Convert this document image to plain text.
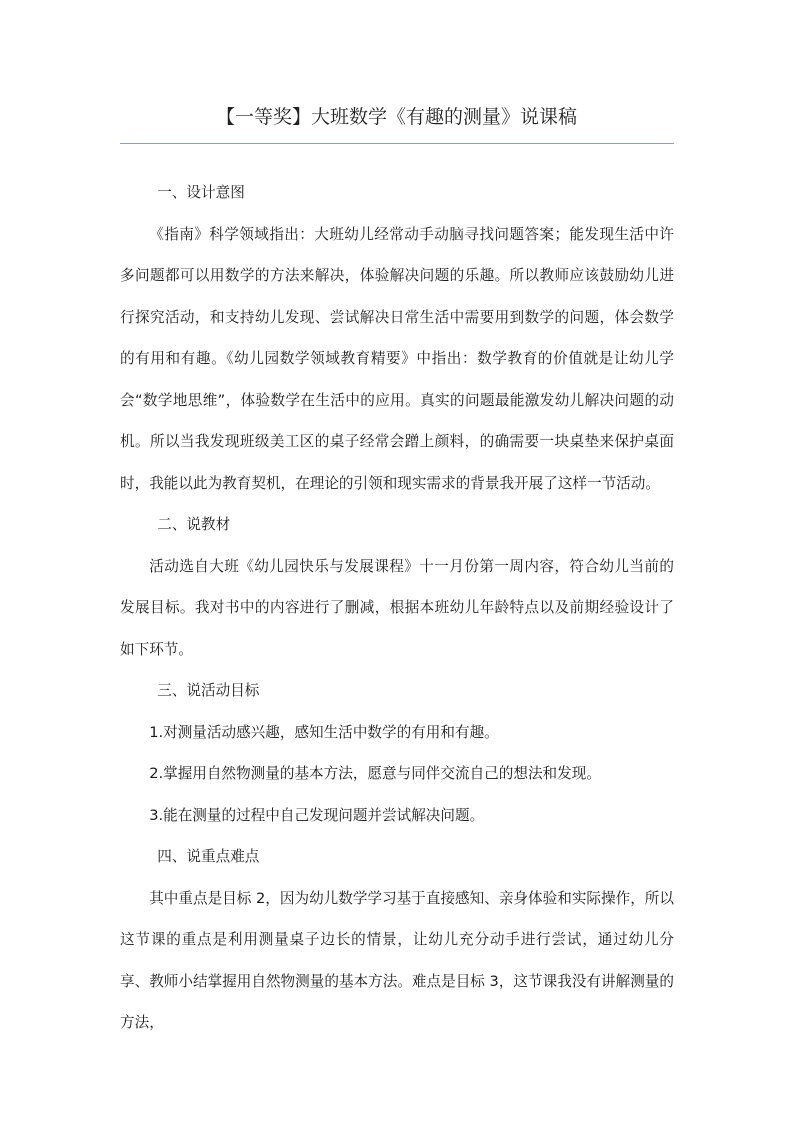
【一等奖】大班数学《有趣的测量》说课稿

一、设计意图

《指南》科学领域指出：大班幼儿经常动手动脑寻找问题答案；能发现生活中许多问题都可以用数学的方法来解决，体验解决问题的乐趣。所以教师应该鼓励幼儿进行探究活动，和支持幼儿发现、尝试解决日常生活中需要用到数学的问题，体会数学的有用和有趣。《幼儿园数学领域教育精要》中指出：数学教育的价值就是让幼儿学会“数学地思维”，体验数学在生活中的应用。真实的问题最能激发幼儿解决问题的动机。所以当我发现班级美工区的桌子经常会蹭上颜料，的确需要一块桌垫来保护桌面时，我能以此为教育契机，在理论的引领和现实需求的背景我开展了这样一节活动。

二、说教材

活动选自大班《幼儿园快乐与发展课程》十一月份第一周内容，符合幼儿当前的发展目标。我对书中的内容进行了删减，根据本班幼儿年龄特点以及前期经验设计了如下环节。

三、说活动目标

1.对测量活动感兴趣，感知生活中数学的有用和有趣。

2.掌握用自然物测量的基本方法，愿意与同伴交流自己的想法和发现。

3.能在测量的过程中自己发现问题并尝试解决问题。

四、说重点难点

其中重点是目标 2，因为幼儿数学学习基于直接感知、亲身体验和实际操作，所以这节课的重点是利用测量桌子边长的情景，让幼儿充分动手进行尝试，通过幼儿分享、教师小结掌握用自然物测量的基本方法。难点是目标 3，这节课我没有讲解测量的方法，
